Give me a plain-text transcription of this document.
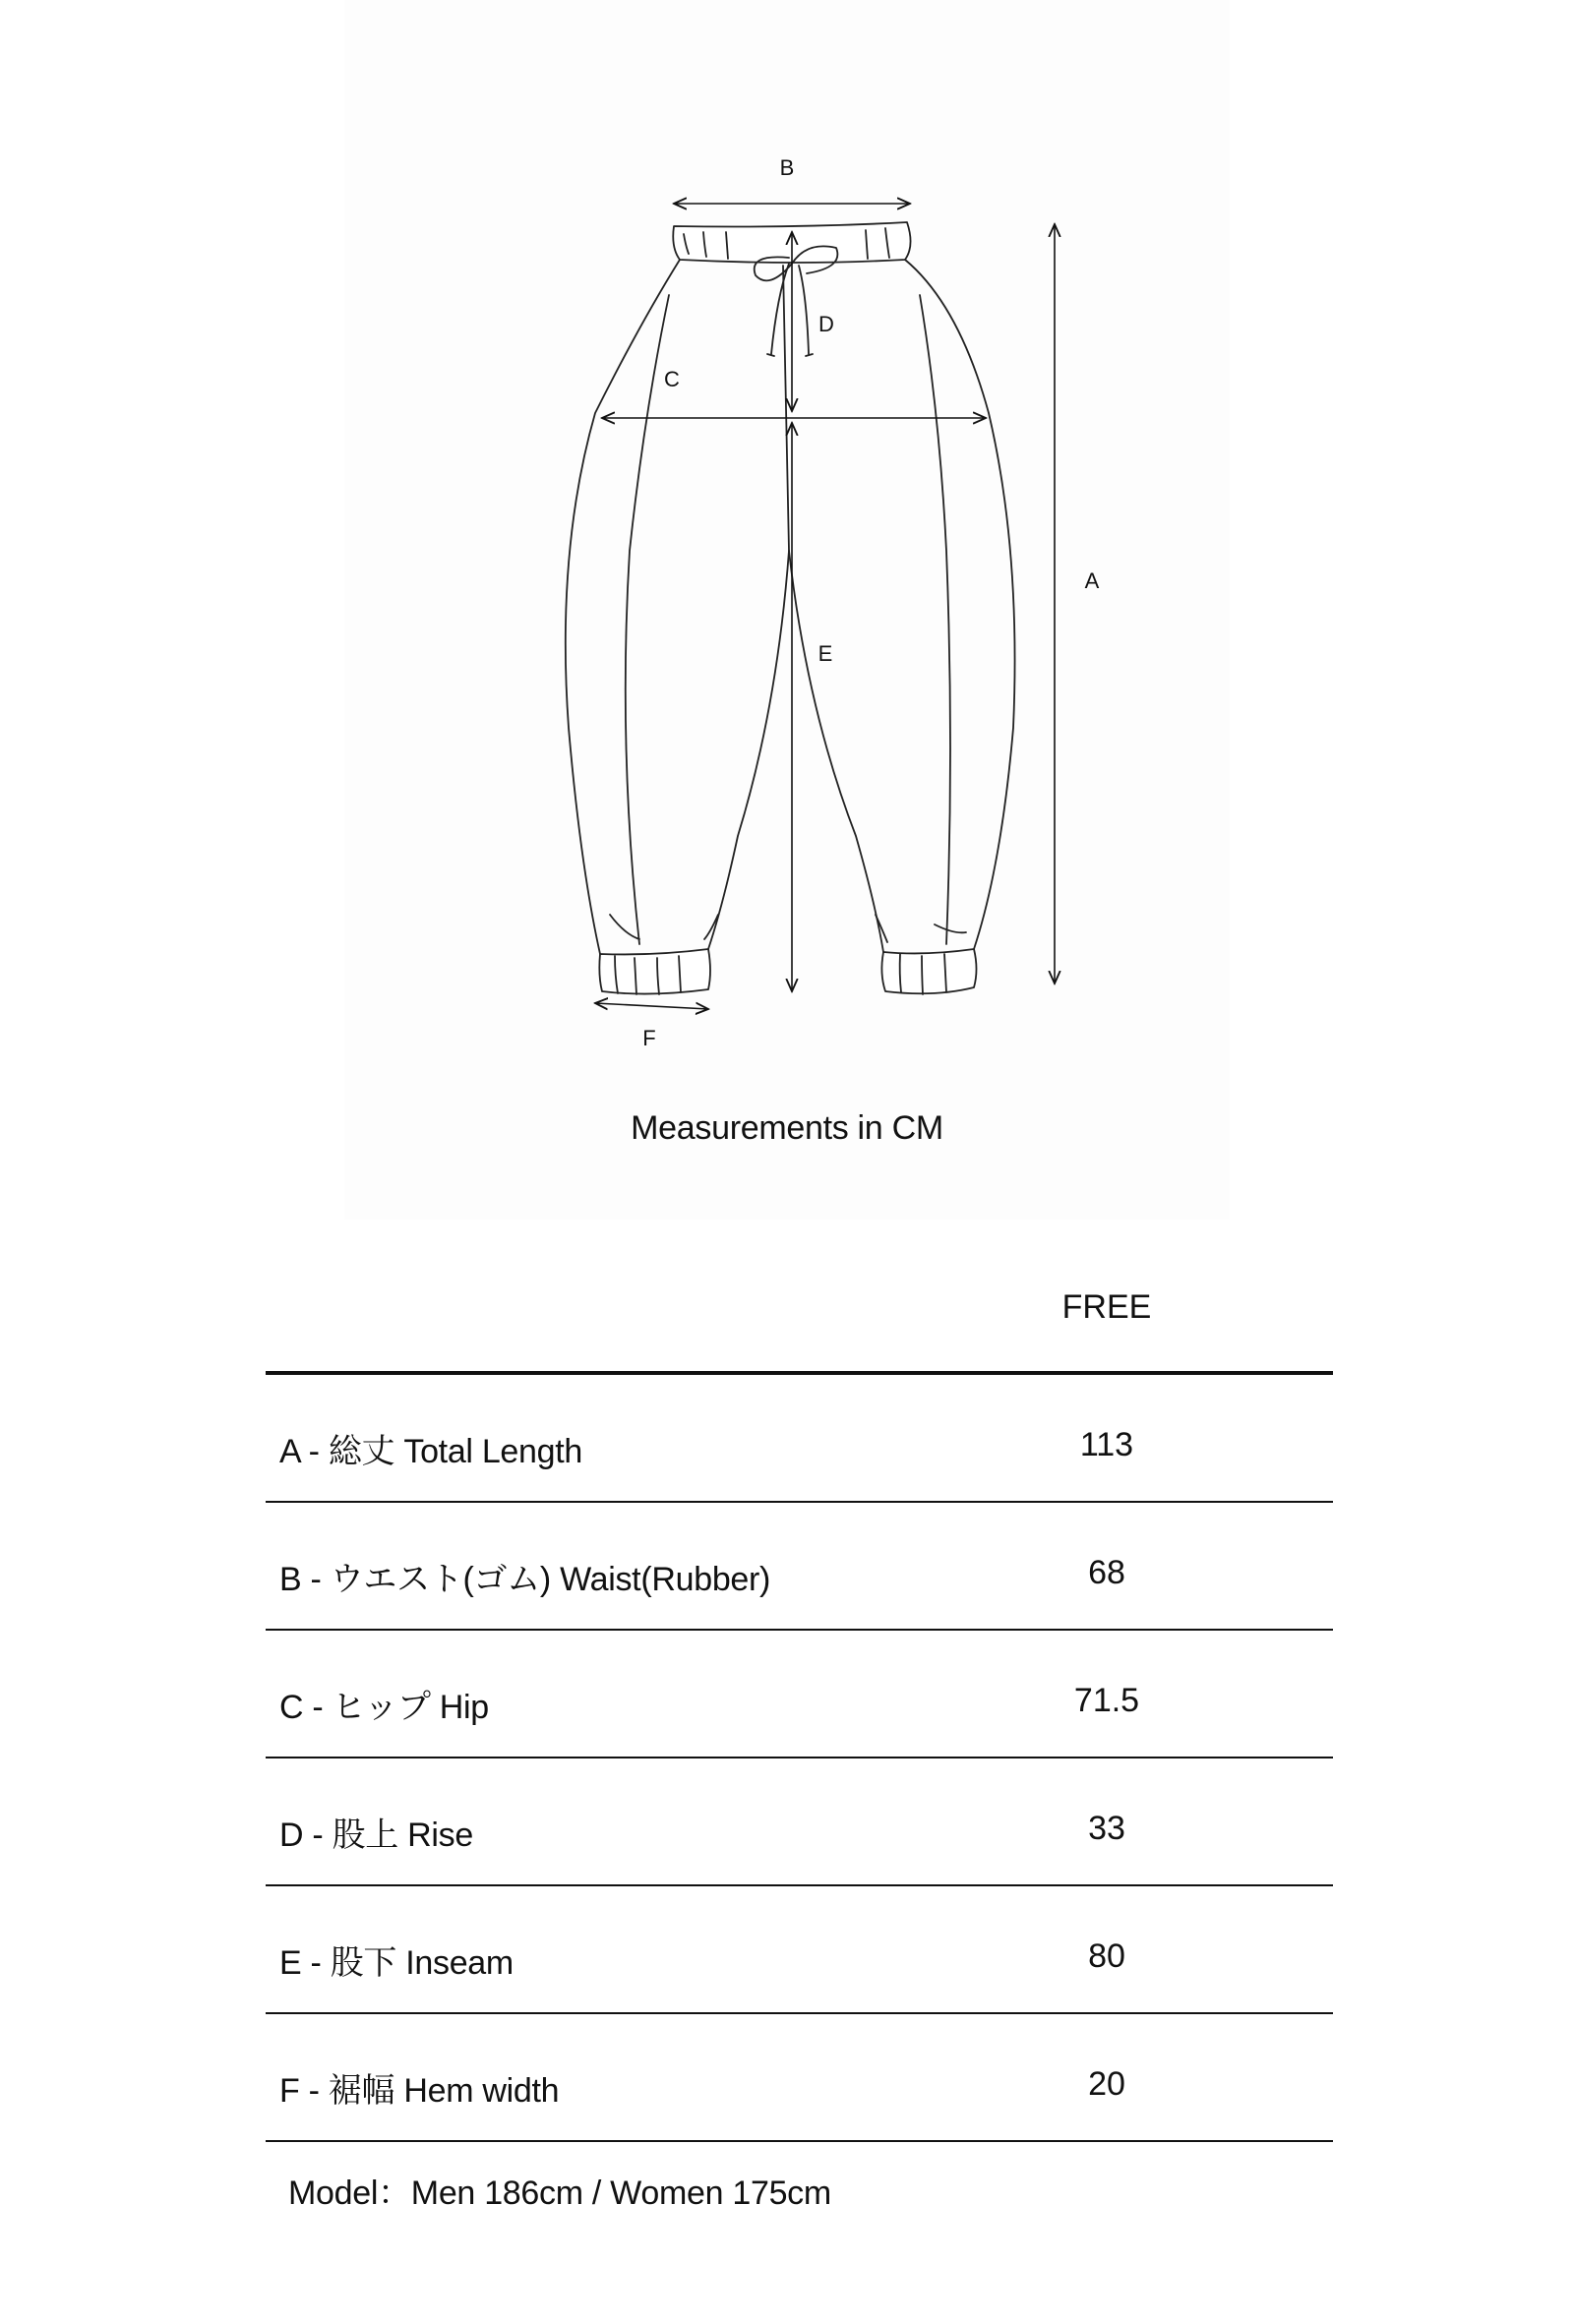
B
D
C
A
E
F
Measurements in CM
FREE
A - 総丈 Total Length	113
B - ウエスト(ゴム) Waist(Rubber)	68
C - ヒップ Hip	71.5
D - 股上 Rise	33
E - 股下 Inseam	80
F - 裾幅 Hem width	20
Model：Men 186cm / Women 175cm
